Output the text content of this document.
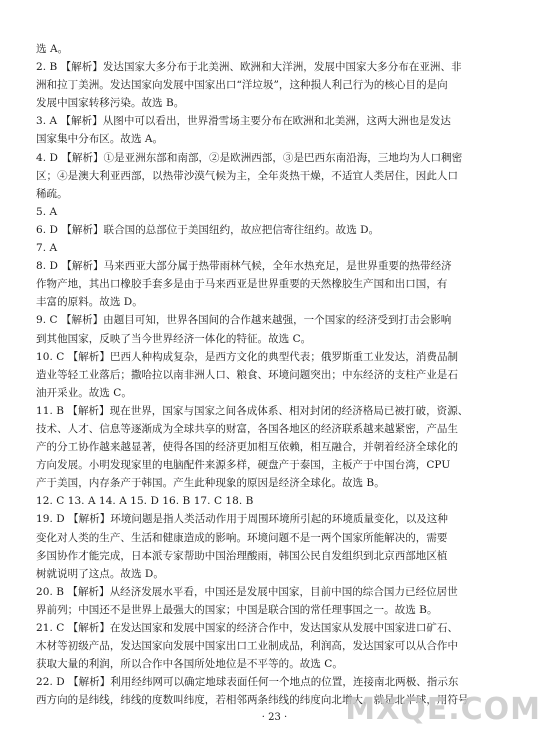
选 A。
2. B 【解析】发达国家大多分布于北美洲、欧洲和大洋洲，发展中国家大多分布在亚洲、非
洲和拉丁美洲。发达国家向发展中国家出口“洋垃圾”，这种损人利己行为的核心目的是向
发展中国家转移污染。故选 B。
3. A 【解析】从图中可以看出，世界滑雪场主要分布在欧洲和北美洲，这两大洲也是发达
国家集中分布区。故选 A。
4. D 【解析】①是亚洲东部和南部，②是欧洲西部，③是巴西东南沿海，三地均为人口稠密
区；④是澳大利亚西部，以热带沙漠气候为主，全年炎热干燥，不适宜人类居住，因此人口
稀疏。
5. A
6. D 【解析】联合国的总部位于美国纽约，故应把信寄往纽约。故选 D。
7. A
8. D 【解析】马来西亚大部分属于热带雨林气候，全年水热充足，是世界重要的热带经济
作物产地，其出口橡胶手套多是由于马来西亚是世界重要的天然橡胶生产国和出口国，有
丰富的原料。故选 D。
9. C 【解析】由题目可知，世界各国间的合作越来越强，一个国家的经济受到打击会影响
到其他国家，反映了当今世界经济一体化的特征。故选 C。
10. C 【解析】巴西人种构成复杂，是西方文化的典型代表；俄罗斯重工业发达，消费品制
造业等轻工业落后；撒哈拉以南非洲人口、粮食、环境问题突出；中东经济的支柱产业是石
油开采业。故选 C。
11. B 【解析】现在世界，国家与国家之间各成体系、相对封闭的经济格局已被打破，资源、
技术、人才、信息等逐渐成为全球共享的财富，各国各地区的经济联系越来越紧密，产品生
产的分工协作越来越显著，使得各国的经济更加相互依赖，相互融合，并朝着经济全球化的
方向发展。小明发现家里的电脑配件来源多样，硬盘产于泰国，主板产于中国台湾，CPU
产于美国，内存条产于韩国。产生此种现象的原因是经济全球化。故选 B。
12. C 13. A 14. A 15. D 16. B 17. C 18. B
19. D 【解析】环境问题是指人类活动作用于周围环境所引起的环境质量变化，以及这种
变化对人类的生产、生活和健康造成的影响。环境问题不是一两个国家所能解决的，需要
多国协作才能完成，日本派专家帮助中国治理酸雨，韩国公民自发组织到北京西部地区植
树就说明了这点。故选 D。
20. B 【解析】从经济发展水平看，中国还是发展中国家，目前中国的综合国力已经位居世
界前列；中国还不是世界上最强大的国家；中国是联合国的常任理事国之一。故选 B。
21. C 【解析】在发达国家和发展中国家的经济合作中，发达国家从发展中国家进口矿石、
木材等初级产品，发达国家向发展中国家出口工业制成品，利润高，发达国家可以从合作中
获取大量的利润，所以合作中各国所处地位是不平等的。故选 C。
22. D 【解析】利用经纬网可以确定地球表面任何一个地点的位置，连接南北两极、指示东
西方向的是纬线，纬线的度数叫纬度，若相邻两条纬线的纬度向北增大，就是北半球，用符号
· 23 ·	MXQE.COM
